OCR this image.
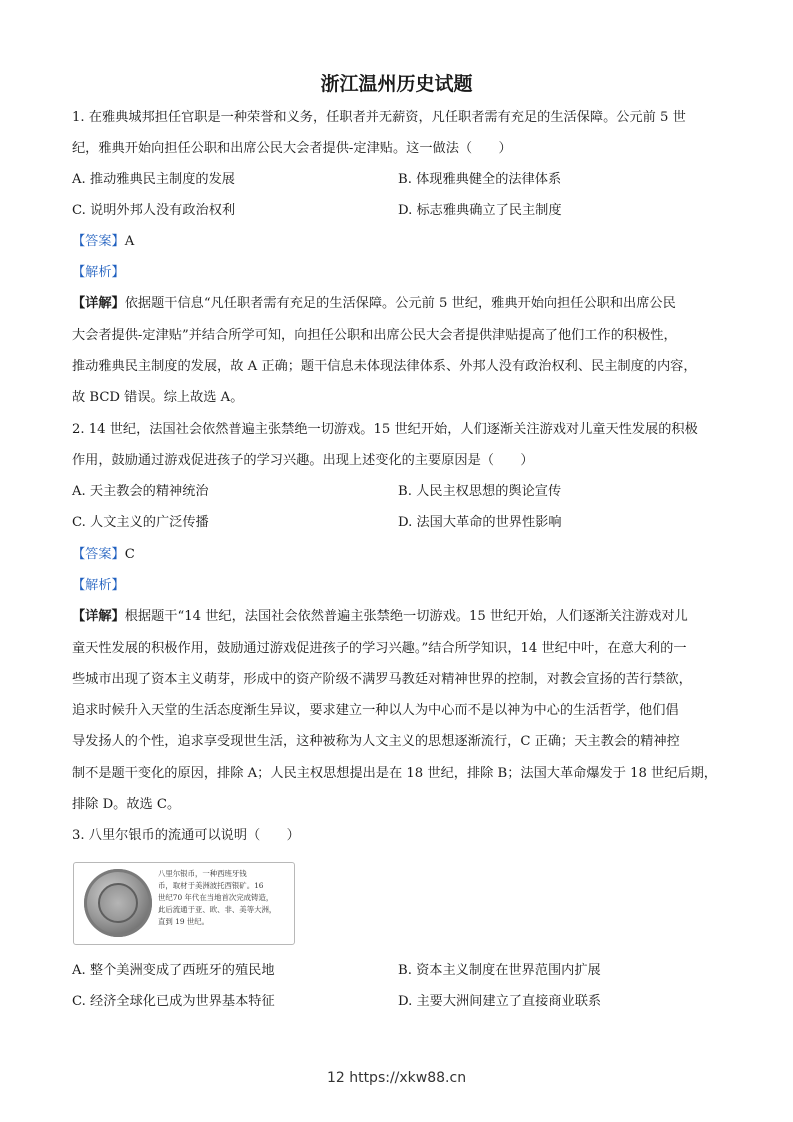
浙江温州历史试题
1. 在雅典城邦担任官职是一种荣誉和义务，任职者并无薪资，凡任职者需有充足的生活保障。公元前 5 世
纪，雅典开始向担任公职和出席公民大会者提供-定津贴。这一做法（　　）
A. 推动雅典民主制度的发展	B. 体现雅典健全的法律体系
C. 说明外邦人没有政治权利	D. 标志雅典确立了民主制度
【答案】A
【解析】
【详解】依据题干信息“凡任职者需有充足的生活保障。公元前 5 世纪，雅典开始向担任公职和出席公民
大会者提供-定津贴”并结合所学可知，向担任公职和出席公民大会者提供津贴提高了他们工作的积极性，
推动雅典民主制度的发展，故 A 正确；题干信息未体现法律体系、外邦人没有政治权利、民主制度的内容，
故 BCD 错误。综上故选 A。
2. 14 世纪，法国社会依然普遍主张禁绝一切游戏。15 世纪开始，人们逐渐关注游戏对儿童天性发展的积极
作用，鼓励通过游戏促进孩子的学习兴趣。出现上述变化的主要原因是（　　）
A. 天主教会的精神统治	B. 人民主权思想的舆论宣传
C. 人文主义的广泛传播	D. 法国大革命的世界性影响
【答案】C
【解析】
【详解】根据题干“14 世纪，法国社会依然普遍主张禁绝一切游戏。15 世纪开始，人们逐渐关注游戏对儿
童天性发展的积极作用，鼓励通过游戏促进孩子的学习兴趣。”结合所学知识，14 世纪中叶，在意大利的一
些城市出现了资本主义萌芽，形成中的资产阶级不满罗马教廷对精神世界的控制，对教会宣扬的苦行禁欲，
追求时候升入天堂的生活态度渐生异议，要求建立一种以人为中心而不是以神为中心的生活哲学，他们倡
导发扬人的个性，追求享受现世生活，这种被称为人文主义的思想逐渐流行，C 正确；天主教会的精神控
制不是题干变化的原因，排除 A；人民主权思想提出是在 18 世纪，排除 B；法国大革命爆发于 18 世纪后期，
排除 D。故选 C。
3. 八里尔银币的流通可以说明（　　）
八里尔银币，一种西班牙钱
币，取材于美洲波托西银矿。16
世纪70 年代在当地首次完成铸造，
此后流通于亚、欧、非、美等大洲，
直到 19 世纪。
A. 整个美洲变成了西班牙的殖民地	B. 资本主义制度在世界范围内扩展
C. 经济全球化已成为世界基本特征	D. 主要大洲间建立了直接商业联系
12 https://xkw88.cn
